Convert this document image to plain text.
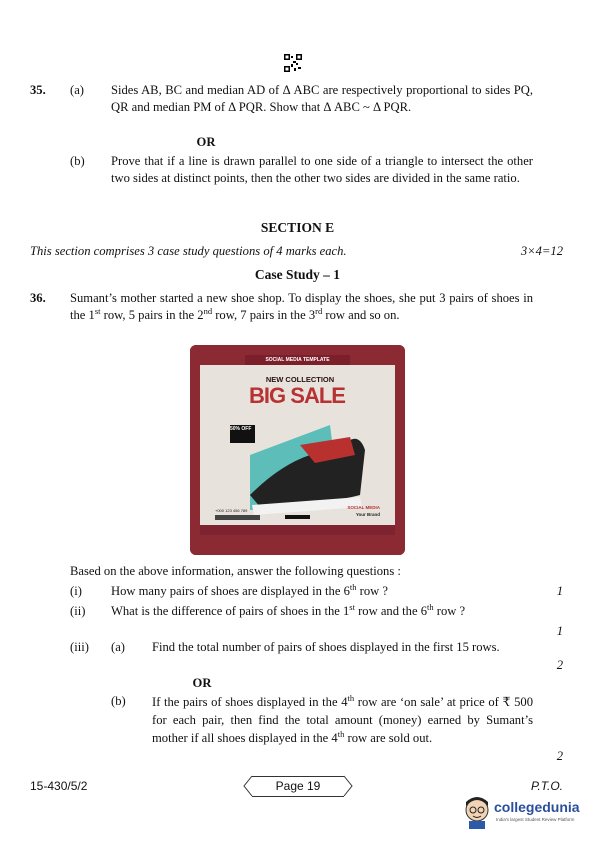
35. (a) Sides AB, BC and median AD of Δ ABC are respectively proportional to sides PQ, QR and median PM of Δ PQR. Show that Δ ABC ~ Δ PQR.
OR
(b) Prove that if a line is drawn parallel to one side of a triangle to intersect the other two sides at distinct points, then the other two sides are divided in the same ratio.
SECTION E
This section comprises 3 case study questions of 4 marks each.	3×4=12
Case Study – 1
36. Sumant’s mother started a new shoe shop. To display the shoes, she put 3 pairs of shoes in the 1st row, 5 pairs in the 2nd row, 7 pairs in the 3rd row and so on.
SOCIAL MEDIA TEMPLATE
NEW COLLECTION
BIG SALE
50% OFF
+000 123 456 789
SOCIAL MEDIA
Your Brand
Based on the above information, answer the following questions :
(i) How many pairs of shoes are displayed in the 6th row ?	1
(ii) What is the difference of pairs of shoes in the 1st row and the 6th row ?
1
(iii) (a) Find the total number of pairs of shoes displayed in the first 15 rows.
2
OR
(b) If the pairs of shoes displayed in the 4th row are ‘on sale’ at price of ₹ 500 for each pair, then find the total amount (money) earned by Sumant’s mother if all shoes displayed in the 4th row are sold out.
2
15-430/5/2	Page 19	P.T.O.
collegedunia
India's largest Student Review Platform
